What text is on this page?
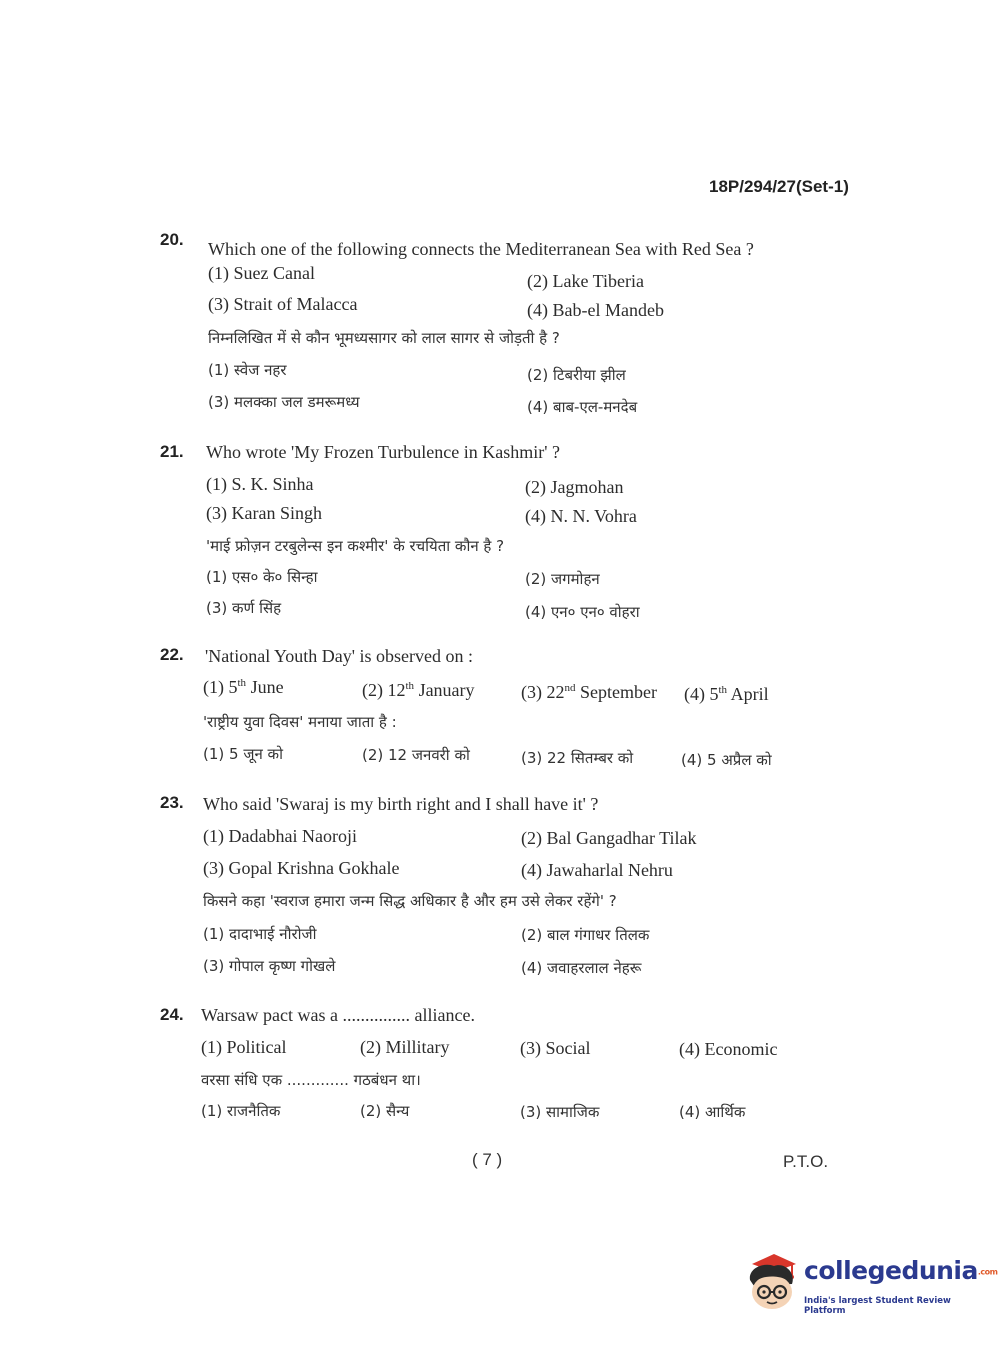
18P/294/27(Set-1)
20. Which one of the following connects the Mediterranean Sea with Red Sea ?
(1) Suez Canal	(2) Lake Tiberia
(3) Strait of Malacca	(4) Bab-el Mandeb
निम्नलिखित में से कौन भूमध्यसागर को लाल सागर से जोड़ती है ?
(1) स्वेज नहर	(2) टिबरीया झील
(3) मलक्का जल डमरूमध्य	(4) बाब-एल-मनदेब
21. Who wrote 'My Frozen Turbulence in Kashmir' ?
(1) S. K. Sinha	(2) Jagmohan
(3) Karan Singh	(4) N. N. Vohra
'माई फ्रोज़न टरबुलेन्स इन कश्मीर' के रचयिता कौन है ?
(1) एस० के० सिन्हा	(2) जगमोहन
(3) कर्ण सिंह	(4) एन० एन० वोहरा
22. 'National Youth Day' is observed on :
(1) 5th June	(2) 12th January	(3) 22nd September (4) 5th April
'राष्ट्रीय युवा दिवस' मनाया जाता है :
(1) 5 जून को	(2) 12 जनवरी को	(3) 22 सितम्बर को	(4) 5 अप्रैल को
23. Who said 'Swaraj is my birth right and I shall have it' ?
(1) Dadabhai Naoroji	(2) Bal Gangadhar Tilak
(3) Gopal Krishna Gokhale	(4) Jawaharlal Nehru
किसने कहा 'स्वराज हमारा जन्म सिद्ध अधिकार है और हम उसे लेकर रहेंगे' ?
(1) दादाभाई नौरोजी	(2) बाल गंगाधर तिलक
(3) गोपाल कृष्ण गोखले	(4) जवाहरलाल नेहरू
24. Warsaw pact was a ............... alliance.
(1) Political	(2) Millitary	(3) Social	(4) Economic
वरसा संधि एक ............. गठबंधन था।
(1) राजनैतिक	(2) सैन्य	(3) सामाजिक	(4) आर्थिक
( 7 )	P.T.O.
collegedunia.com
India's largest Student Review Platform
